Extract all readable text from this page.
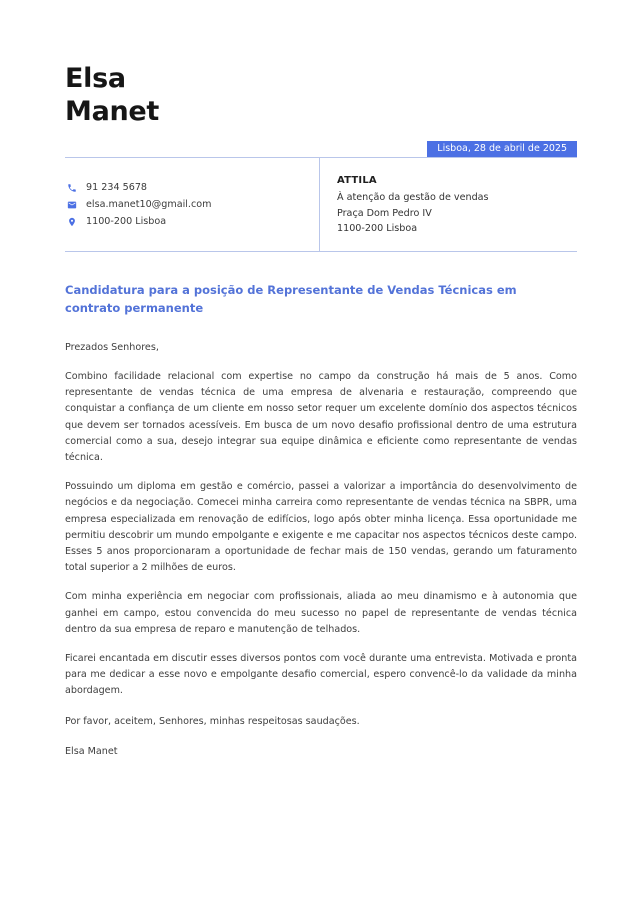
Elsa
Manet
Lisboa, 28 de abril de 2025
91 234 5678
elsa.manet10@gmail.com
1100-200 Lisboa
ATTILA
À atenção da gestão de vendas
Praça Dom Pedro IV
1100-200 Lisboa
Candidatura para a posição de Representante de Vendas Técnicas em contrato permanente

Prezados Senhores,

Combino facilidade relacional com expertise no campo da construção há mais de 5 anos. Como representante de vendas técnica de uma empresa de alvenaria e restauração, compreendo que conquistar a confiança de um cliente em nosso setor requer um excelente domínio dos aspectos técnicos que devem ser tornados acessíveis. Em busca de um novo desafio profissional dentro de uma estrutura comercial como a sua, desejo integrar sua equipe dinâmica e eficiente como representante de vendas técnica.

Possuindo um diploma em gestão e comércio, passei a valorizar a importância do desenvolvimento de negócios e da negociação. Comecei minha carreira como representante de vendas técnica na SBPR, uma empresa especializada em renovação de edifícios, logo após obter minha licença. Essa oportunidade me permitiu descobrir um mundo empolgante e exigente e me capacitar nos aspectos técnicos deste campo. Esses 5 anos proporcionaram a oportunidade de fechar mais de 150 vendas, gerando um faturamento total superior a 2 milhões de euros.

Com minha experiência em negociar com profissionais, aliada ao meu dinamismo e à autonomia que ganhei em campo, estou convencida do meu sucesso no papel de representante de vendas técnica dentro da sua empresa de reparo e manutenção de telhados.

Ficarei encantada em discutir esses diversos pontos com você durante uma entrevista. Motivada e pronta para me dedicar a esse novo e empolgante desafio comercial, espero convencê-lo da validade da minha abordagem.

Por favor, aceitem, Senhores, minhas respeitosas saudações.

Elsa Manet
